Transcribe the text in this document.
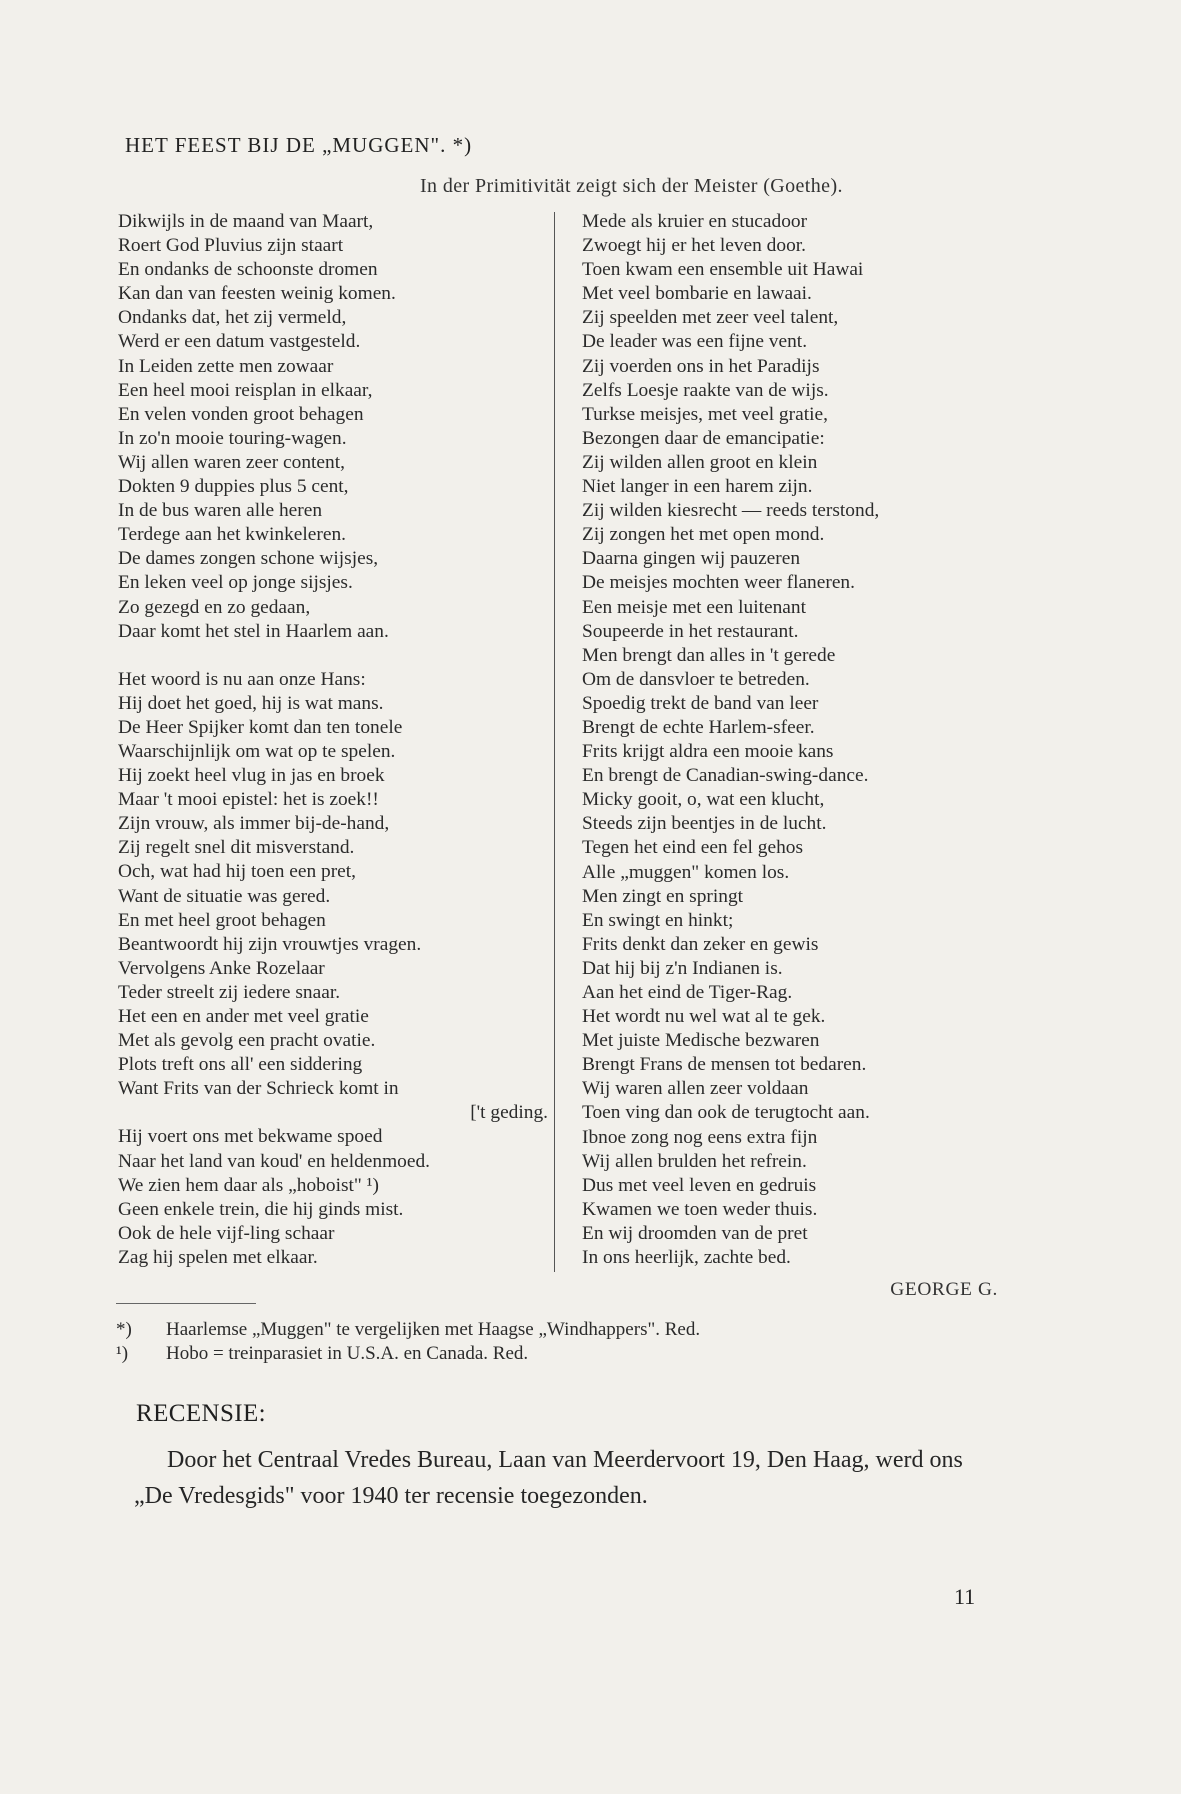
HET FEEST BIJ DE „MUGGEN". *)
In der Primitivität zeigt sich der Meister (Goethe).
Dikwijls in de maand van Maart,
Roert God Pluvius zijn staart
En ondanks de schoonste dromen
Kan dan van feesten weinig komen.
Ondanks dat, het zij vermeld,
Werd er een datum vastgesteld.
In Leiden zette men zowaar
Een heel mooi reisplan in elkaar,
En velen vonden groot behagen
In zo'n mooie touring-wagen.
Wij allen waren zeer content,
Dokten 9 duppies plus 5 cent,
In de bus waren alle heren
Terdege aan het kwinkeleren.
De dames zongen schone wijsjes,
En leken veel op jonge sijsjes.
Zo gezegd en zo gedaan,
Daar komt het stel in Haarlem aan.
Het woord is nu aan onze Hans:
Hij doet het goed, hij is wat mans.
De Heer Spijker komt dan ten tonele
Waarschijnlijk om wat op te spelen.
Hij zoekt heel vlug in jas en broek
Maar 't mooi epistel: het is zoek!!
Zijn vrouw, als immer bij-de-hand,
Zij regelt snel dit misverstand.
Och, wat had hij toen een pret,
Want de situatie was gered.
En met heel groot behagen
Beantwoordt hij zijn vrouwtjes vragen.
Vervolgens Anke Rozelaar
Teder streelt zij iedere snaar.
Het een en ander met veel gratie
Met als gevolg een pracht ovatie.
Plots treft ons all' een siddering
Want Frits van der Schrieck komt in
['t geding.
Hij voert ons met bekwame spoed
Naar het land van koud' en heldenmoed.
We zien hem daar als „hoboist" ¹)
Geen enkele trein, die hij ginds mist.
Ook de hele vijf-ling schaar
Zag hij spelen met elkaar.
Mede als kruier en stucadoor
Zwoegt hij er het leven door.
Toen kwam een ensemble uit Hawai
Met veel bombarie en lawaai.
Zij speelden met zeer veel talent,
De leader was een fijne vent.
Zij voerden ons in het Paradijs
Zelfs Loesje raakte van de wijs.
Turkse meisjes, met veel gratie,
Bezongen daar de emancipatie:
Zij wilden allen groot en klein
Niet langer in een harem zijn.
Zij wilden kiesrecht — reeds terstond,
Zij zongen het met open mond.
Daarna gingen wij pauzeren
De meisjes mochten weer flaneren.
Een meisje met een luitenant
Soupeerde in het restaurant.
Men brengt dan alles in 't gerede
Om de dansvloer te betreden.
Spoedig trekt de band van leer
Brengt de echte Harlem-sfeer.
Frits krijgt aldra een mooie kans
En brengt de Canadian-swing-dance.
Micky gooit, o, wat een klucht,
Steeds zijn beentjes in de lucht.
Tegen het eind een fel gehos
Alle „muggen" komen los.
Men zingt en springt
En swingt en hinkt;
Frits denkt dan zeker en gewis
Dat hij bij z'n Indianen is.
Aan het eind de Tiger-Rag.
Het wordt nu wel wat al te gek.
Met juiste Medische bezwaren
Brengt Frans de mensen tot bedaren.
Wij waren allen zeer voldaan
Toen ving dan ook de terugtocht aan.
Ibnoe zong nog eens extra fijn
Wij allen brulden het refrein.
Dus met veel leven en gedruis
Kwamen we toen weder thuis.
En wij droomden van de pret
In ons heerlijk, zachte bed.
GEORGE G.
*) Haarlemse „Muggen" te vergelijken met Haagse „Windhappers". Red.
¹) Hobo = treinparasiet in U.S.A. en Canada. Red.
RECENSIE:
Door het Centraal Vredes Bureau, Laan van Meerdervoort 19, Den Haag, werd ons „De Vredesgids" voor 1940 ter recensie toegezonden.
11
